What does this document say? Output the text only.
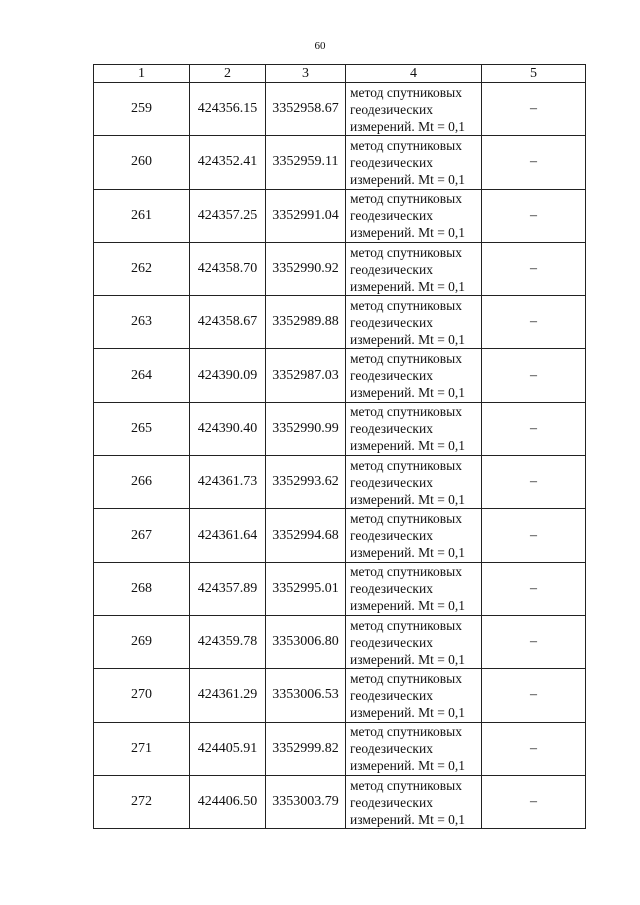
60
1	2	3	4	5
259	424356.15	3352958.67	метод спутниковых
геодезических
измерений. Mt = 0,1	–
260	424352.41	3352959.11	метод спутниковых
геодезических
измерений. Mt = 0,1	–
261	424357.25	3352991.04	метод спутниковых
геодезических
измерений. Mt = 0,1	–
262	424358.70	3352990.92	метод спутниковых
геодезических
измерений. Mt = 0,1	–
263	424358.67	3352989.88	метод спутниковых
геодезических
измерений. Mt = 0,1	–
264	424390.09	3352987.03	метод спутниковых
геодезических
измерений. Mt = 0,1	–
265	424390.40	3352990.99	метод спутниковых
геодезических
измерений. Mt = 0,1	–
266	424361.73	3352993.62	метод спутниковых
геодезических
измерений. Mt = 0,1	–
267	424361.64	3352994.68	метод спутниковых
геодезических
измерений. Mt = 0,1	–
268	424357.89	3352995.01	метод спутниковых
геодезических
измерений. Mt = 0,1	–
269	424359.78	3353006.80	метод спутниковых
геодезических
измерений. Mt = 0,1	–
270	424361.29	3353006.53	метод спутниковых
геодезических
измерений. Mt = 0,1	–
271	424405.91	3352999.82	метод спутниковых
геодезических
измерений. Mt = 0,1	–
272	424406.50	3353003.79	метод спутниковых
геодезических
измерений. Mt = 0,1	–
